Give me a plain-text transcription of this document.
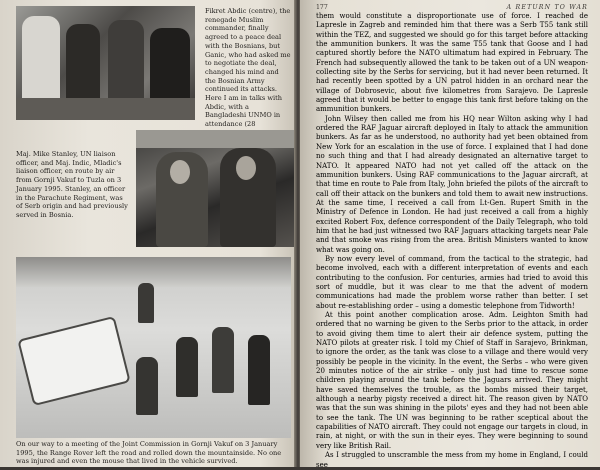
Fikret Abdic (centre), the renegade Muslim commander, finally agreed to a peace deal with the Bosnians, but Ganic, who had asked me to negotiate the deal, changed his mind and the Bosnian Army continued its attacks. Here I am in talks with Abdic, with a Bangladeshi UNMO in attendance (28
Maj. Mike Stanley, UN liaison officer, and Maj. Indic, Mladic's liaison officer, en route by air from Gornji Vakuf to Tuzla on 3 January 1995. Stanley, an officer in the Parachute Regiment, was of Serb origin and had previously served in Bosnia.
On our way to a meeting of the Joint Commission in Gornji Vakuf on 3 January 1995, the Range Rover left the road and rolled down the mountainside. No one was injured and even the mouse that lived in the vehicle survived.
177	A RETURN TO WAR

them would constitute a disproportionate use of force. I reached de Lapresle in Zagreb and reminded him that there was a Serb T55 tank still within the TEZ, and suggested we should go for this target before attacking the ammunition bunkers. It was the same T55 tank that Goose and I had captured shortly before the NATO ultimatum had expired in February. The French had subsequently allowed the tank to be taken out of a UN weapon-collecting site by the Serbs for servicing, but it had never been returned. It had recently been spotted by a UN patrol hidden in an orchard near the village of Dobrosevic, about five kilometres from Sarajevo. De Lapresle agreed that it would be better to engage this tank first before taking on the ammunition bunkers.

John Wilsey then called me from his HQ near Wilton asking why I had ordered the RAF Jaguar aircraft deployed in Italy to attack the ammunition bunkers. As far as he understood, no authority had yet been obtained from New York for an escalation in the use of force. I explained that I had done no such thing and that I had already designated an alternative target to NATO. It appeared NATO had not yet called off the attack on the ammunition bunkers. Using RAF communications to the Jaguar aircraft, at that time en route to Pale from Italy, John briefed the pilots of the aircraft to call off their attack on the bunkers and told them to await new instructions. At the same time, I received a call from Lt-Gen. Rupert Smith in the Ministry of Defence in London. He had just received a call from a highly excited Robert Fox, defence correspondent of the Daily Telegraph, who told him that he had just witnessed two RAF Jaguars attacking targets near Pale and that smoke was rising from the area. British Ministers wanted to know what was going on.

By now every level of command, from the tactical to the strategic, had become involved, each with a different interpretation of events and each contributing to the confusion. For centuries, armies had tried to avoid this sort of muddle, but it was clear to me that the advent of modern communications had made the problem worse rather than better. I set about re-establishing order – using a domestic telephone from Tidworth!

At this point another complication arose. Adm. Leighton Smith had ordered that no warning be given to the Serbs prior to the attack, in order to avoid giving them time to alert their air defence system, putting the NATO pilots at greater risk. I told my Chief of Staff in Sarajevo, Brinkman, to ignore the order, as the tank was close to a village and there would very possibly be people in the vicinity. In the event, the Serbs – who were given 20 minutes notice of the air strike – only just had time to rescue some children playing around the tank before the Jaguars arrived. They might have saved themselves the trouble, as the bombs missed their target, although a nearby pigsty received a direct hit. The reason given by NATO was that the sun was shining in the pilots' eyes and they had not been able to see the tank. The UN was beginning to be rather sceptical about the capabilities of NATO aircraft. They could not engage our targets in cloud, in rain, at night, or with the sun in their eyes. They were beginning to sound very like British Rail.

As I struggled to unscramble the mess from my home in England, I could see
